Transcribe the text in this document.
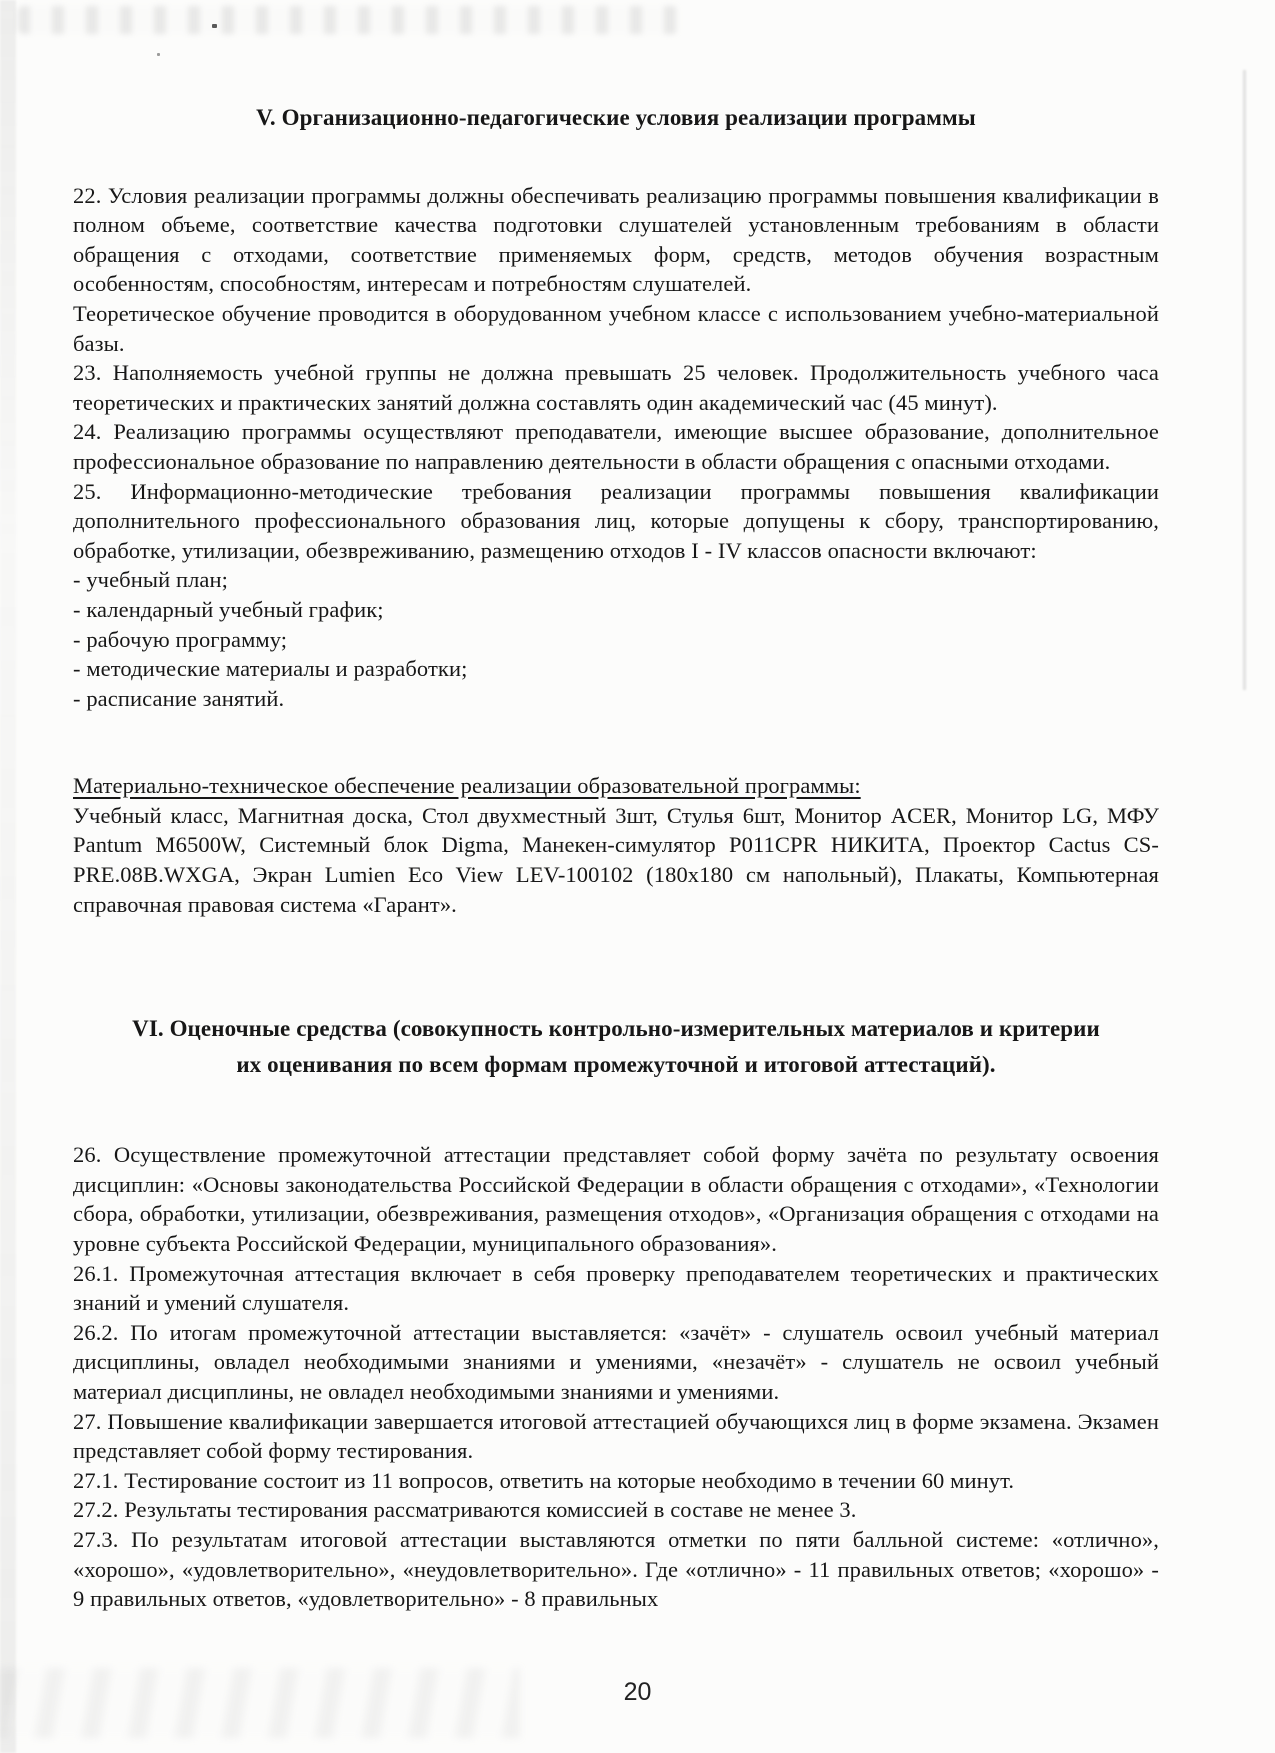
V. Организационно-педагогические условия реализации программы

22. Условия реализации программы должны обеспечивать реализацию программы повышения квалификации в полном объеме, соответствие качества подготовки слушателей установленным требованиям в области обращения с отходами, соответствие применяемых форм, средств, методов обучения возрастным особенностям, способностям, интересам и потребностям слушателей.

Теоретическое обучение проводится в оборудованном учебном классе с использованием учебно-материальной базы.

23. Наполняемость учебной группы не должна превышать 25 человек. Продолжительность учебного часа теоретических и практических занятий должна составлять один академический час (45 минут).

24. Реализацию программы осуществляют преподаватели, имеющие высшее образование, дополнительное профессиональное образование по направлению деятельности в области обращения с опасными отходами.

25. Информационно-методические требования реализации программы повышения квалификации дополнительного профессионального образования лиц, которые допущены к сбору, транспортированию, обработке, утилизации, обезвреживанию, размещению отходов I - IV классов опасности включают:

- учебный план;

- календарный учебный график;

- рабочую программу;

- методические материалы и разработки;

- расписание занятий.

Материально-техническое обеспечение реализации образовательной программы:

Учебный класс, Магнитная доска, Стол двухместный 3шт, Стулья 6шт, Монитор ACER, Монитор LG, МФУ Pantum M6500W, Системный блок Digma, Манекен-симулятор P011CPR НИКИТА, Проектор Cactus CS-PRE.08B.WXGA, Экран Lumien Eco View LEV-100102 (180x180 см напольный), Плакаты, Компьютерная справочная правовая система «Гарант».

VI. Оценочные средства (совокупность контрольно-измерительных материалов и критерии
их оценивания по всем формам промежуточной и итоговой аттестаций).

26. Осуществление промежуточной аттестации представляет собой форму зачёта по результату освоения дисциплин: «Основы законодательства Российской Федерации в области обращения с отходами», «Технологии сбора, обработки, утилизации, обезвреживания, размещения отходов», «Организация обращения с отходами на уровне субъекта Российской Федерации, муниципального образования».

26.1. Промежуточная аттестация включает в себя проверку преподавателем теоретических и практических знаний и умений слушателя.

26.2. По итогам промежуточной аттестации выставляется: «зачёт» - слушатель освоил учебный материал дисциплины, овладел необходимыми знаниями и умениями, «незачёт» - слушатель не освоил учебный материал дисциплины, не овладел необходимыми знаниями и умениями.

27. Повышение квалификации завершается итоговой аттестацией обучающихся лиц в форме экзамена. Экзамен представляет собой форму тестирования.

27.1. Тестирование состоит из 11 вопросов, ответить на которые необходимо в течении 60 минут.

27.2. Результаты тестирования рассматриваются комиссией в составе не менее 3.

27.3. По результатам итоговой аттестации выставляются отметки по пяти балльной системе: «отлично», «хорошо», «удовлетворительно», «неудовлетворительно». Где «отлично» - 11 правильных ответов; «хорошо» - 9 правильных ответов, «удовлетворительно» - 8 правильных

20
